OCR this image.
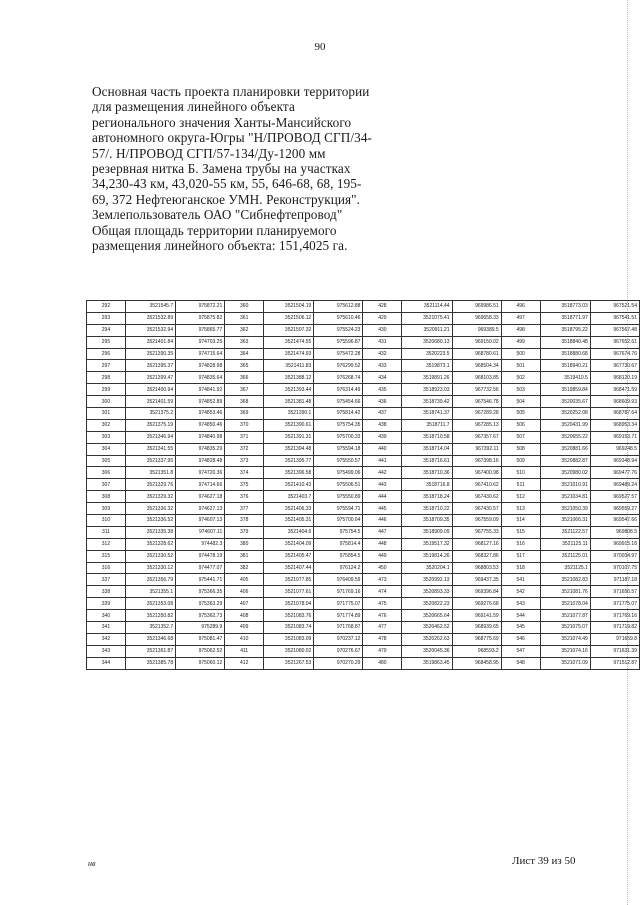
90
Основная часть проекта планировки территории
для размещения линейного объекта
регионального значения Ханты-Мансийского
автономного округа-Югры "Н/ПРОВОД СГП/34-
57/. Н/ПРОВОД СГП/57-134/Ду-1200 мм
резервная нитка Б. Замена трубы на участках
34,230-43 км, 43,020-55 км, 55, 646-68, 68, 195-
69, 372 Нефтеюганское УМН. Реконструкция".
Землепользователь ОАО "Сибнефтепровод"
Общая площадь территории планируемого
размещения линейного объекта: 151,4025 га.
292	3521545.7	975872.21	360	3521504.19	975612.88	428	3521114.44	969986.51	496	3518773.03	967521.54
293	3521532.89	975875.82	361	3521506.12	975610.46	429	3521075.41	969658.33	497	3518771.97	967541.51
294	3521532.94	975865.77	362	3521507.32	975524.23	430	3520911.21	969389.5	498	3518795.22	967567.48
295	3521401.84	974703.25	363	3521474.55	975596.87	431	3520680.13	969150.02	499	3518840.48	967652.61
296	3521390.35	974715.64	364	3521474.93	975472.28	432	3520223.5	968780.61	500	3518880.68	967674.76
297	3521395.37	974828.98	365	3521411.83	976299.52	433	3519873.1	968504.34	501	3518940.21	967730.67
298	3521399.47	974835.64	366	3521388.12	976268.74	434	3519891.26	968103.85	502	3519410.5	968120.19
299	3521400.94	974841.92	367	3521393.44	976314.49	435	3518923.03	967732.56	503	3519859.84	968471.59
300	3521401.59	974852.89	368	3521381.48	975454.66	436	3518739.42	967546.78	504	3520035.67	968609.93
301	3521375.2	974853.46	369	3521390.1	975814.42	437	3518741.37	967289.28	505	3520252.08	968787.64
302	3521375.19	974850.46	370	3521390.61	975754.35	438	3518711.7	967285.13	506	3520431.99	968953.34
303	3521346.94	974840.98	371	3521391.31	975700.33	439	3518710.58	967357.67	507	3520655.22	969153.71
304	3521341.55	974835.29	372	3521394.48	975594.18	440	3518714.04	967392.11	508	3520881.66	969248.5
305	3521337.95	974828.48	373	3521395.77	975550.57	441	3518716.61	967398.16	509	3520882.87	969348.94
306	3521351.8	974720.36	374	3521396.58	975499.06	442	3518710.36	967400.98	510	3520980.02	969477.76
307	3521329.76	974714.66	375	3521410.43	975506.51	443	3518716.8	967410.62	511	3521010.91	969489.24
308	3521329.32	974627.18	376	3521403.7	975550.89	444	3518718.24	967430.62	512	3521034.81	969527.57
309	3521336.32	974627.13	377	3521406.33	975594.71	445	3518710.22	967430.57	513	3521050.39	969559.27
310	3521336.52	974607.13	378	3521405.31	975700.64	446	3518709.35	967559.09	514	3521066.31	969547.66
311	3521335.38	974607.11	379	3521404.6	975754.5	447	3518909.09	967755.33	515	3521122.57	969808.5
312	3521328.62	974482.3	380	3521404.09	975814.4	448	3519517.32	968127.16	516	3521125.11	969915.18
315	3521330.52	974478.19	381	3521405.47	975854.5	449	3519814.26	968327.86	517	3521125.01	970034.97
316	3521330.12	974477.07	382	3521407.44	976124.2	450	3520204.1	968803.53	518	3521125.1	970107.75
337	3521356.79	975441.71	405	3521077.85	976409.59	473	3520992.13	969437.35	541	3521082.83	971187.18
338	3521355.1	975366.35	406	3521077.61	971769.16	474	3520893.33	969396.84	542	3521081.76	971656.57
339	3521353.08	975363.29	407	3521078.04	971775.07	475	3520822.23	969276.68	543	3521078.04	971775.07
340	3521350.82	975362.73	408	3521083.76	971774.89	476	3520665.64	969141.59	544	3521077.87	971769.16
341	3521352.7	975289.9	409	3521083.74	971768.87	477	3520462.52	968939.65	545	3521075.07	971719.82
342	3521346.68	975081.47	410	3521083.09	970237.12	478	3520262.63	968775.69	546	3521074.49	971659.8
343	3521361.87	975062.52	411	3521080.02	970276.67	479	3520045.36	968593.2	547	3521074.16	971631.39
344	3521385.78	975060.12	412	3521267.53	970270.29	480	3519863.45	968458.95	548	3521071.09	971512.87
нв	Лист 39 из 50
